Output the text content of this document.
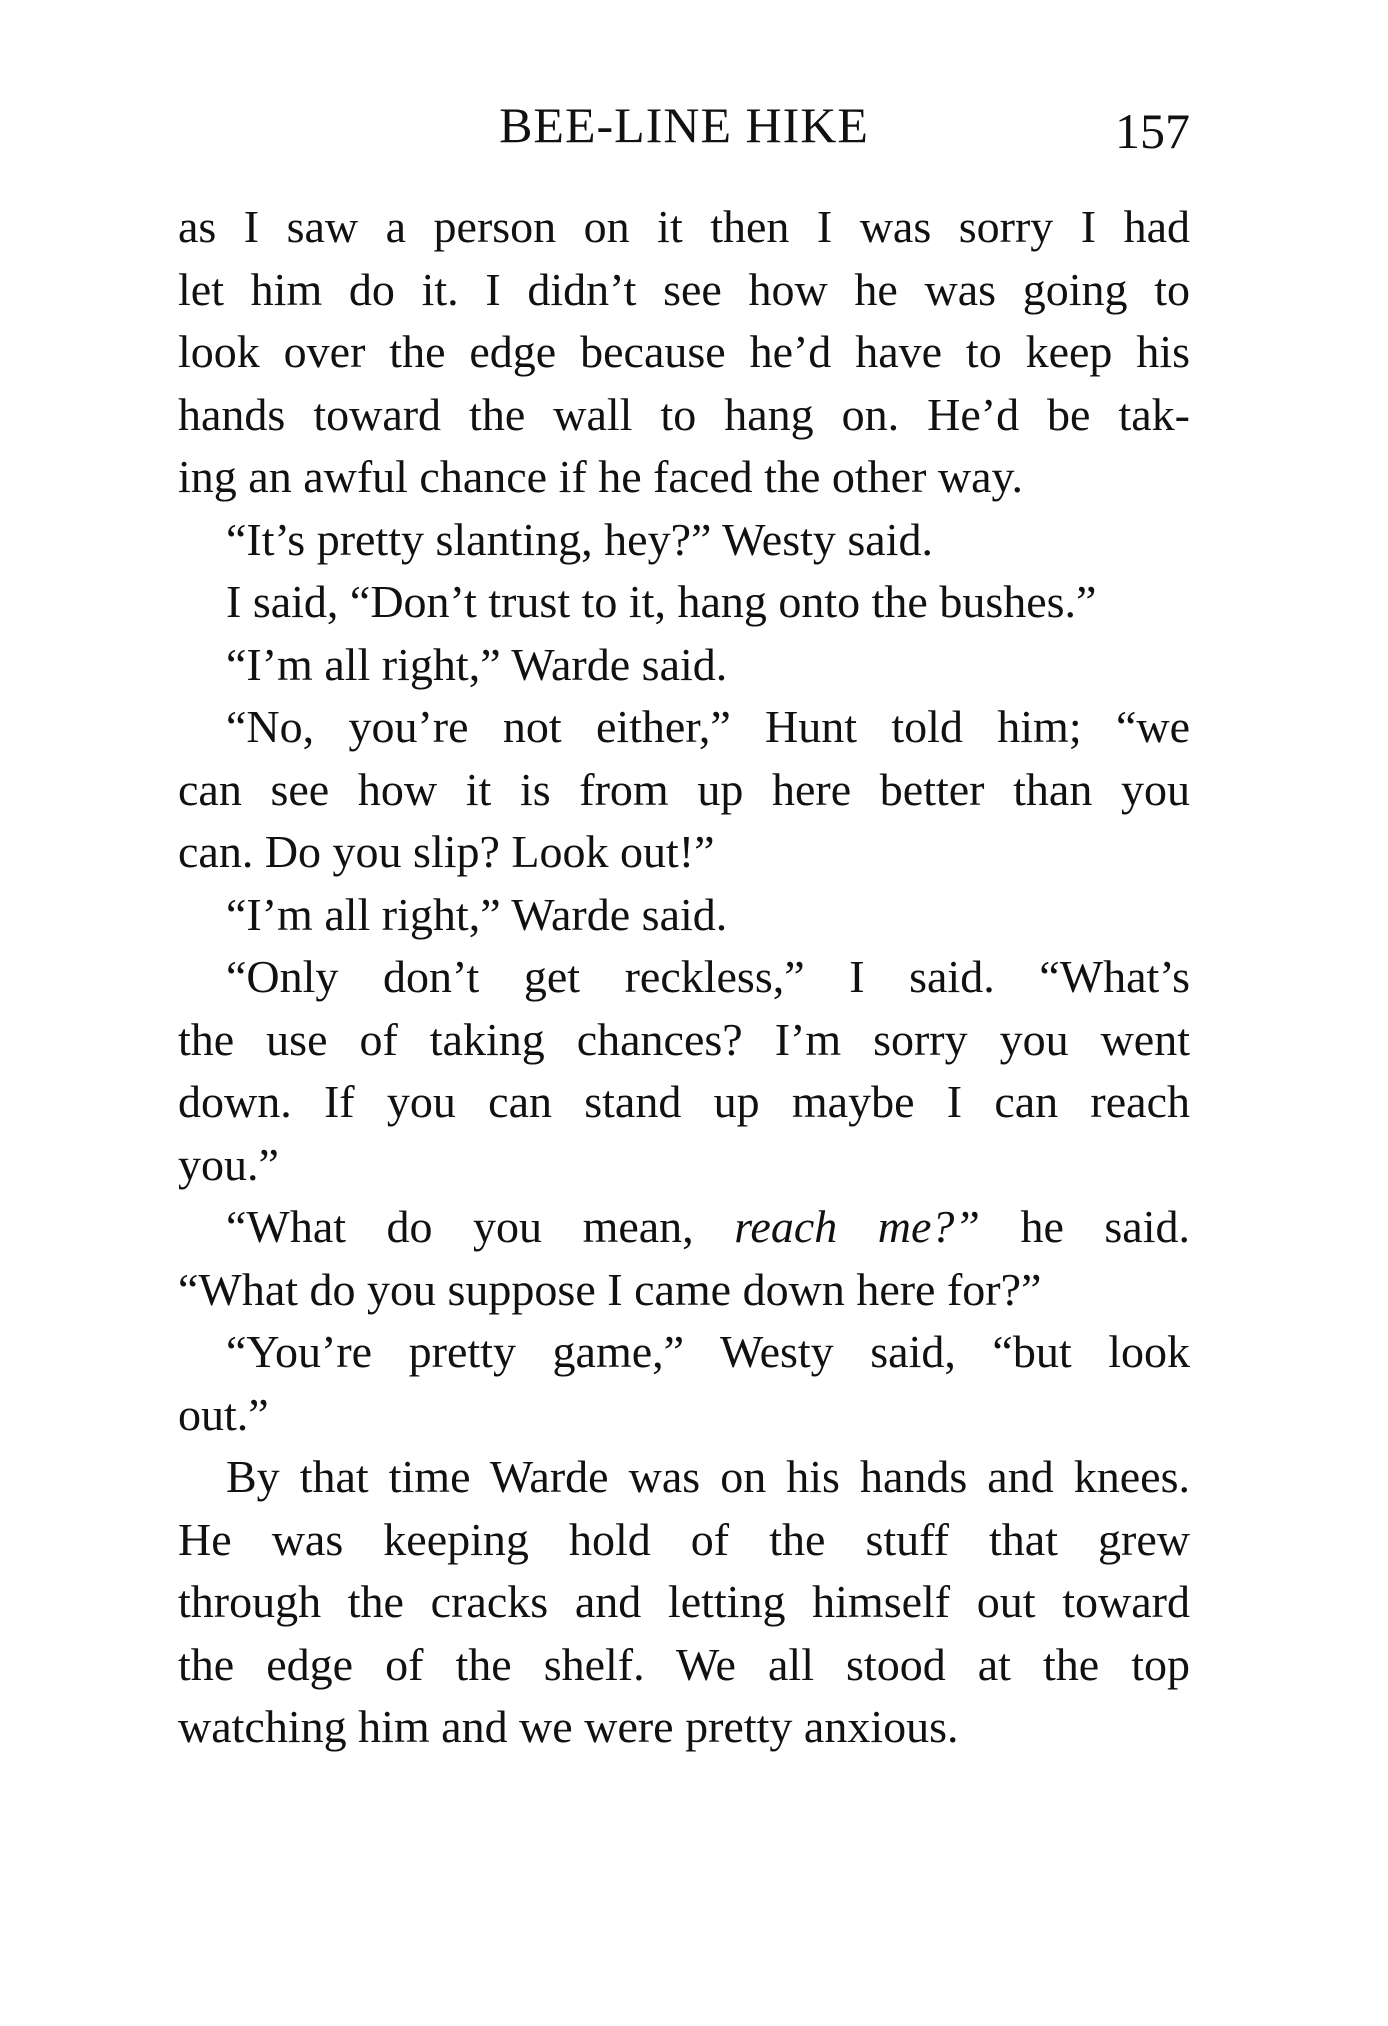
BEE-LINE HIKE	157
as I saw a person on it then I was sorry I had
let him do it. I didn’t see how he was going to
look over the edge because he’d have to keep his
hands toward the wall to hang on. He’d be tak-
ing an awful chance if he faced the other way.
“It’s pretty slanting, hey?” Westy said.
I said, “Don’t trust to it, hang onto the bushes.”
“I’m all right,” Warde said.
“No, you’re not either,” Hunt told him; “we
can see how it is from up here better than you
can. Do you slip? Look out!”
“I’m all right,” Warde said.
“Only don’t get reckless,” I said. “What’s
the use of taking chances? I’m sorry you went
down. If you can stand up maybe I can reach
you.”
“What do you mean, reach me?” he said.
“What do you suppose I came down here for?”
“You’re pretty game,” Westy said, “but look
out.”
By that time Warde was on his hands and knees.
He was keeping hold of the stuff that grew
through the cracks and letting himself out toward
the edge of the shelf. We all stood at the top
watching him and we were pretty anxious.
